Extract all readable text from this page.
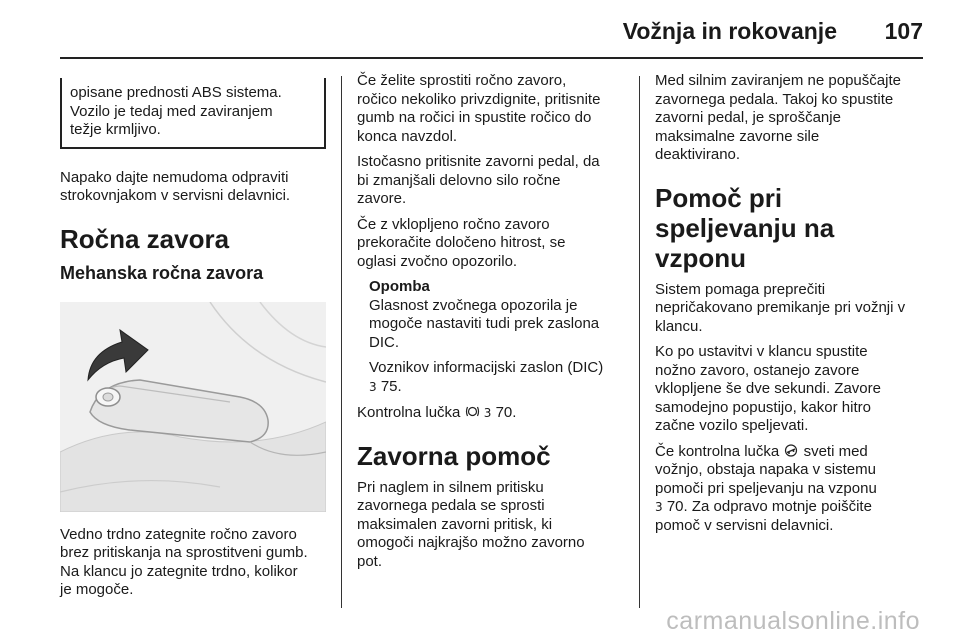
Vožnja in rokovanje 107
opisane prednosti ABS sistema.
Vozilo je tedaj med zaviranjem
težje krmljivo.

Napako dajte nemudoma odpraviti
strokovnjakom v servisni delavnici.

Ročna zavora
Mehanska ročna zavora

Vedno trdno zategnite ročno zavoro
brez pritiskanja na sprostitveni gumb.
Na klancu jo zategnite trdno, kolikor
je mogoče.

Če želite sprostiti ročno zavoro,
ročico nekoliko privzdignite, pritisnite
gumb na ročici in spustite ročico do
konca navzdol.

Istočasno pritisnite zavorni pedal, da
bi zmanjšali delovno silo ročne
zavore.

Če z vklopljeno ročno zavoro
prekoračite določeno hitrost, se
oglasi zvočno opozorilo.

Opomba

Glasnost zvočnega opozorila je
mogoče nastaviti tudi prek zaslona
DIC.

Voznikov informacijski zaslon (DIC)
3 75.

Kontrolna lučka 3 70.

Zavorna pomoč

Pri naglem in silnem pritisku
zavornega pedala se sprosti
maksimalen zavorni pritisk, ki
omogoči najkrajšo možno zavorno
pot.

Med silnim zaviranjem ne popuščajte
zavornega pedala. Takoj ko spustite
zavorni pedal, je sproščanje
maksimalne zavorne sile
deaktivirano.

Pomoč pri speljevanju na
vzponu

Sistem pomaga preprečiti
nepričakovano premikanje pri vožnji v
klancu.

Ko po ustavitvi v klancu spustite
nožno zavoro, ostanejo zavore
vklopljene še dve sekundi. Zavore
samodejno popustijo, kakor hitro
začne vozilo speljevati.

Če kontrolna lučka sveti med
vožnjo, obstaja napaka v sistemu
pomoči pri speljevanju na vzponu
3 70. Za odpravo motnje poiščite
pomoč v servisni delavnici.

carmanualsonline.info
